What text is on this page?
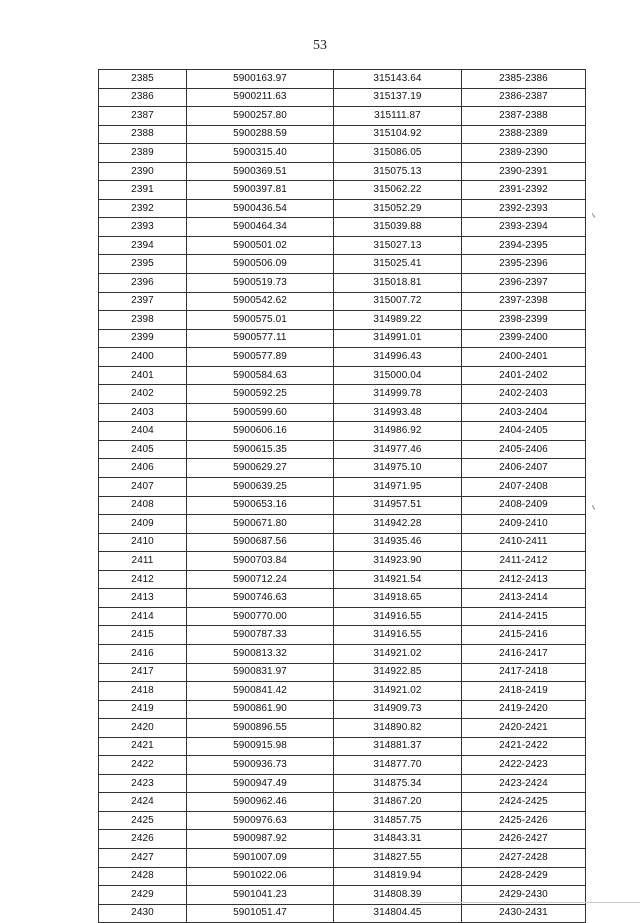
53
2385	5900163.97	315143.64	2385-2386
2386	5900211.63	315137.19	2386-2387
2387	5900257.80	315111.87	2387-2388
2388	5900288.59	315104.92	2388-2389
2389	5900315.40	315086.05	2389-2390
2390	5900369.51	315075.13	2390-2391
2391	5900397.81	315062.22	2391-2392
2392	5900436.54	315052.29	2392-2393
2393	5900464.34	315039.88	2393-2394
2394	5900501.02	315027.13	2394-2395
2395	5900506.09	315025.41	2395-2396
2396	5900519.73	315018.81	2396-2397
2397	5900542.62	315007.72	2397-2398
2398	5900575.01	314989.22	2398-2399
2399	5900577.11	314991.01	2399-2400
2400	5900577.89	314996.43	2400-2401
2401	5900584.63	315000.04	2401-2402
2402	5900592.25	314999.78	2402-2403
2403	5900599.60	314993.48	2403-2404
2404	5900606.16	314986.92	2404-2405
2405	5900615.35	314977.46	2405-2406
2406	5900629.27	314975.10	2406-2407
2407	5900639.25	314971.95	2407-2408
2408	5900653.16	314957.51	2408-2409
2409	5900671.80	314942.28	2409-2410
2410	5900687.56	314935.46	2410-2411
2411	5900703.84	314923.90	2411-2412
2412	5900712.24	314921.54	2412-2413
2413	5900746.63	314918.65	2413-2414
2414	5900770.00	314916.55	2414-2415
2415	5900787.33	314916.55	2415-2416
2416	5900813.32	314921.02	2416-2417
2417	5900831.97	314922.85	2417-2418
2418	5900841.42	314921.02	2418-2419
2419	5900861.90	314909.73	2419-2420
2420	5900896.55	314890.82	2420-2421
2421	5900915.98	314881.37	2421-2422
2422	5900936.73	314877.70	2422-2423
2423	5900947.49	314875.34	2423-2424
2424	5900962.46	314867.20	2424-2425
2425	5900976.63	314857.75	2425-2426
2426	5900987.92	314843.31	2426-2427
2427	5901007.09	314827.55	2427-2428
2428	5901022.06	314819.94	2428-2429
2429	5901041.23	314808.39	2429-2430
2430	5901051.47	314804.45	2430-2431
